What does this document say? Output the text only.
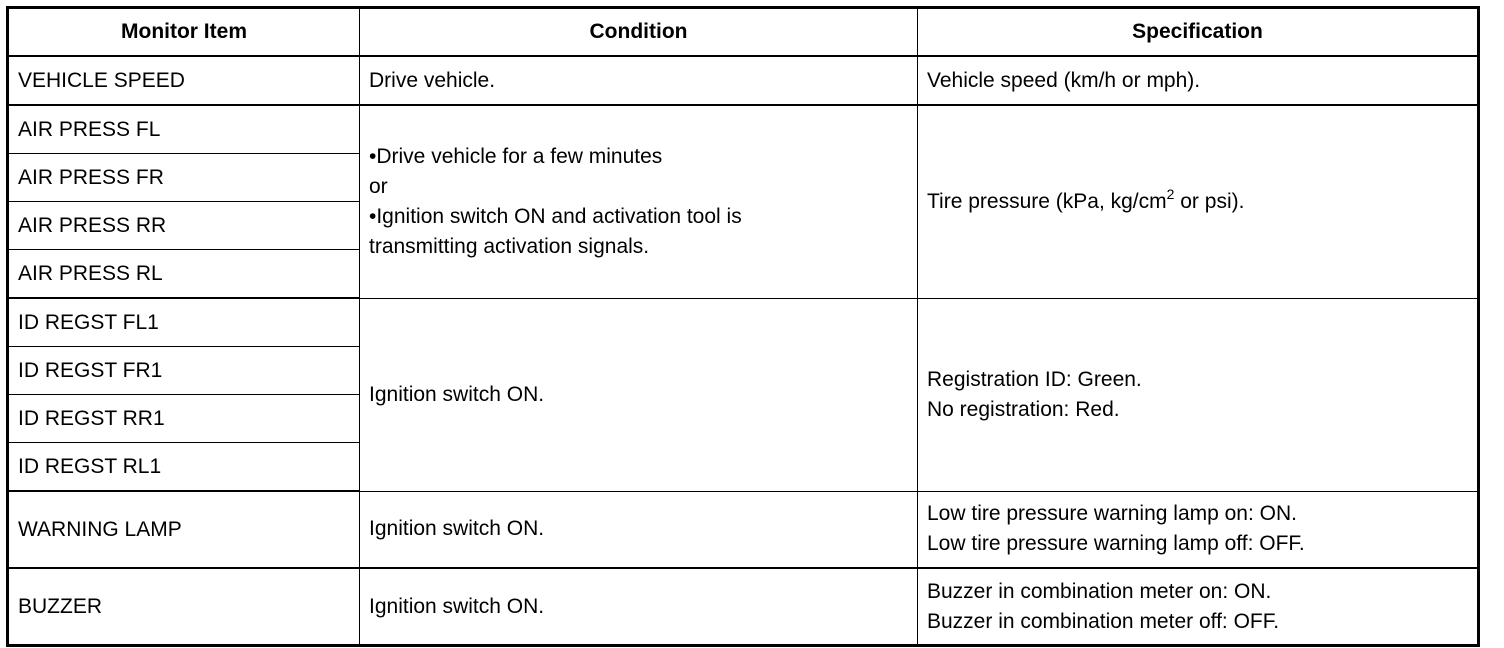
Monitor Item	Condition	Specification
VEHICLE SPEED	Drive vehicle.	Vehicle speed (km/h or mph).
AIR PRESS FL	•Drive vehicle for a few minutes
or
•Ignition switch ON and activation tool is
transmitting activation signals.	Tire pressure (kPa, $kg/cm^2$ or psi).
AIR PRESS FR		
AIR PRESS RR		
AIR PRESS RL		
ID REGST FL1	Ignition switch ON.	Registration ID: Green.
No registration: Red.

ID REGST FR1		
ID REGST RR1		
ID REGST RL1		
WARNING LAMP	Ignition switch ON.	Low tire pressure warning lamp on: ON.
Low tire pressure warning lamp off: OFF.

BUZZER	Ignition switch ON.	Buzzer in combination meter on: ON.
Buzzer in combination meter off: OFF.
